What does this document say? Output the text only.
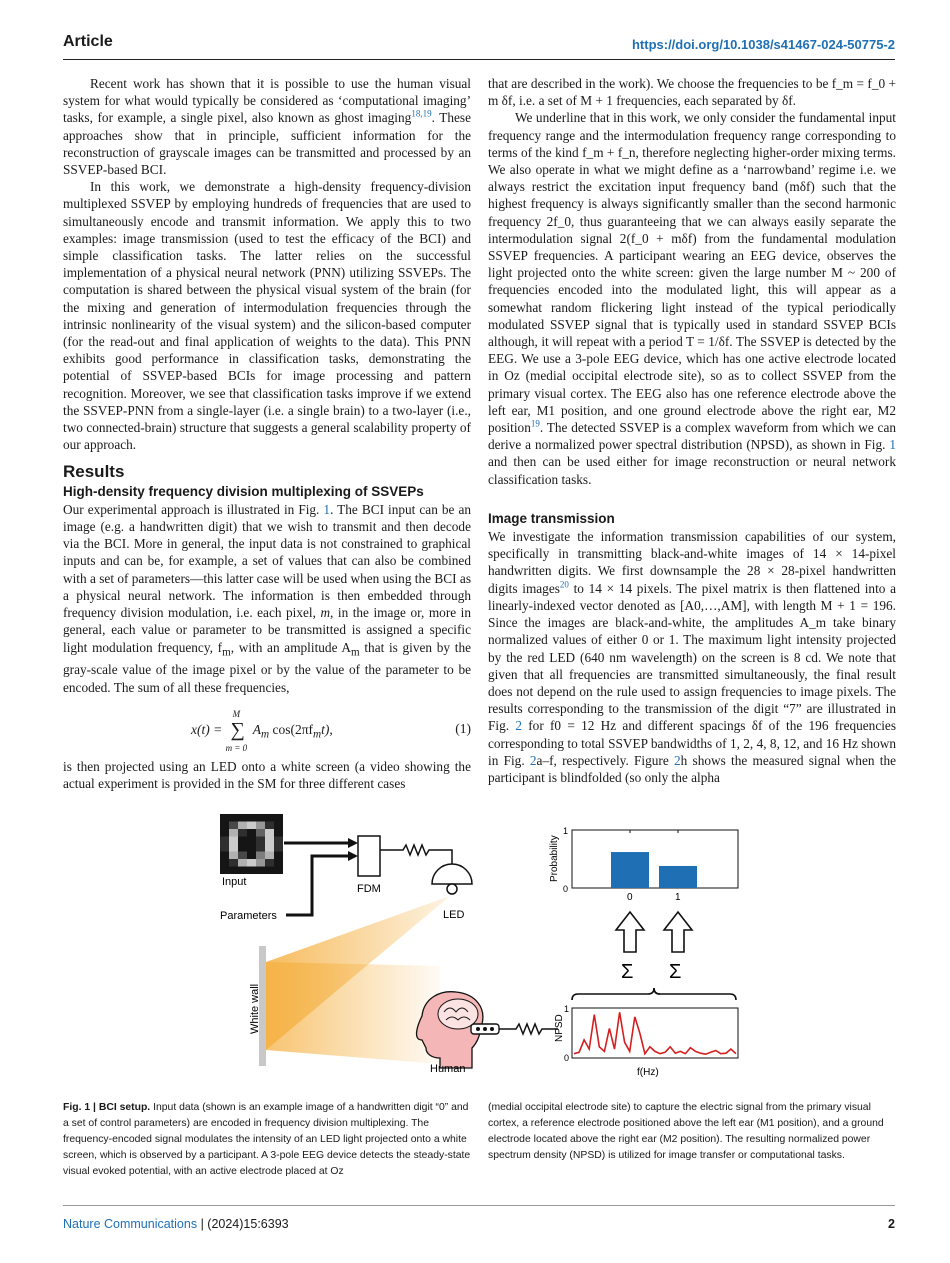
Article	https://doi.org/10.1038/s41467-024-50775-2

Recent work has shown that it is possible to use the human visual system for what would typically be considered as ‘computational imaging’ tasks, for example, a single pixel, also known as ghost imaging$^{18,19}$. These approaches show that in principle, sufficient information for the reconstruction of grayscale images can be transmitted and processed by an SSVEP-based BCI.

In this work, we demonstrate a high-density frequency-division multiplexed SSVEP by employing hundreds of frequencies that are used to simultaneously encode and transmit information. We apply this to two examples: image transmission (used to test the efficacy of the BCI) and simple classification tasks. The latter relies on the successful implementation of a physical neural network (PNN) utilizing SSVEPs. The computation is shared between the physical visual system of the brain (for the mixing and generation of intermodulation frequencies through the intrinsic nonlinearity of the visual system) and the silicon-based computer (for the read-out and final application of weights to the data). This PNN exhibits good performance in classification tasks, demonstrating the potential of SSVEP-based BCIs for image processing and pattern recognition. Moreover, we see that classification tasks improve if we extend the SSVEP-PNN from a single-layer (i.e. a single brain) to a two-layer (i.e., two connected-brain) structure that suggests a general scalability property of our approach.

Results
High-density frequency division multiplexing of SSVEPs

Our experimental approach is illustrated in Fig. 1. The BCI input can be an image (e.g. a handwritten digit) that we wish to transmit and then decode via the BCI. More in general, the input data is not constrained to graphical inputs and can be, for example, a set of values that can also be combined with a set of parameters—this latter case will be used when using the BCI as a physical neural network. The information is then embedded through frequency division modulation, i.e. each pixel, m, in the image or, more in general, each value or parameter to be transmitted is assigned a specific light modulation frequency, $f_m$, with an amplitude $A_m$ that is given by the gray-scale value of the image pixel or by the value of the parameter to be encoded. The sum of all these frequencies,

x(t) =
M
∑
m = 0
$A_m$ $\cos(2\pi f_mt)$,	(1)

is then projected using an LED onto a white screen (a video showing the actual experiment is provided in the SM for three different cases

that are described in the work). We choose the frequencies to be f_m = f_0 + m δf, i.e. a set of M + 1 frequencies, each separated by δf.

We underline that in this work, we only consider the fundamental input frequency range and the intermodulation frequency range corresponding to terms of the kind f_m + f_n, therefore neglecting higher-order mixing terms. We also operate in what we might define as a ‘narrowband’ regime i.e. we always restrict the excitation input frequency band (mδf) such that the highest frequency is always significantly smaller than the second harmonic frequency 2f_0, thus guaranteeing that we can always easily separate the intermodulation signal 2(f_0 + mδf) from the fundamental modulation SSVEP frequencies. A participant wearing an EEG device, observes the light projected onto the white screen: given the large number M ~ 200 of frequencies encoded into the modulated light, this will appear as a somewhat random flickering light instead of the typical periodically modulated SSVEP signal that is typically used in standard SSVEP BCIs although, it will repeat with a period T = 1/δf. The SSVEP is detected by the EEG. We use a 3-pole EEG device, which has one active electrode located in Oz (medial occipital electrode site), so as to collect SSVEP from the primary visual cortex. The EEG also has one reference electrode above the left ear, M1 position, and one ground electrode above the right ear, M2 position$^{19}$. The detected SSVEP is a complex waveform from which we can derive a normalized power spectral distribution (NPSD), as shown in Fig. 1 and then can be used either for image reconstruction or neural network classification tasks.

Image transmission

We investigate the information transmission capabilities of our system, specifically in transmitting black-and-white images of 14 × 14-pixel handwritten digits. We first downsample the 28 × 28-pixel handwritten digits images$^{20}$ to 14 × 14 pixels. The pixel matrix is then flattened into a linearly-indexed vector denoted as [A0,…,AM], with length M + 1 = 196. Since the images are black-and-white, the amplitudes A_m take binary normalized values of either 0 or 1. The maximum light intensity projected by the red LED (640 nm wavelength) on the screen is 8 cd. We note that given that all frequencies are transmitted simultaneously, the final result does not depend on the rule used to assign frequencies to image pixels. The results corresponding to the transmission of the digit “7” are illustrated in Fig. 2 for f0 = 12 Hz and different spacings δf of the 196 frequencies corresponding to total SSVEP bandwidths of 1, 2, 4, 8, 12, and 16 Hz shown in Fig. 2a–f, respectively. Figure 2h shows the measured signal when the participant is blindfolded (so only the alpha

Input
Parameters
FDM
LED
White wall
Human
NPSD
1
0
f(Hz)
Σ Σ
Probability
1
0
0	1
Fig. 1 | BCI setup. Input data (shown is an example image of a handwritten digit “0” and a set of control parameters) are encoded in frequency division multiplexing. The frequency-encoded signal modulates the intensity of an LED light projected onto a white screen, which is observed by a participant. A 3-pole EEG device detects the steady-state visual evoked potential, with an active electrode placed at Oz
(medial occipital electrode site) to capture the electric signal from the primary visual cortex, a reference electrode positioned above the left ear (M1 position), and a ground electrode located above the right ear (M2 position). The resulting normalized power spectrum density (NPSD) is utilized for image transfer or computational tasks.
Nature Communications | (2024)15:6393	2
